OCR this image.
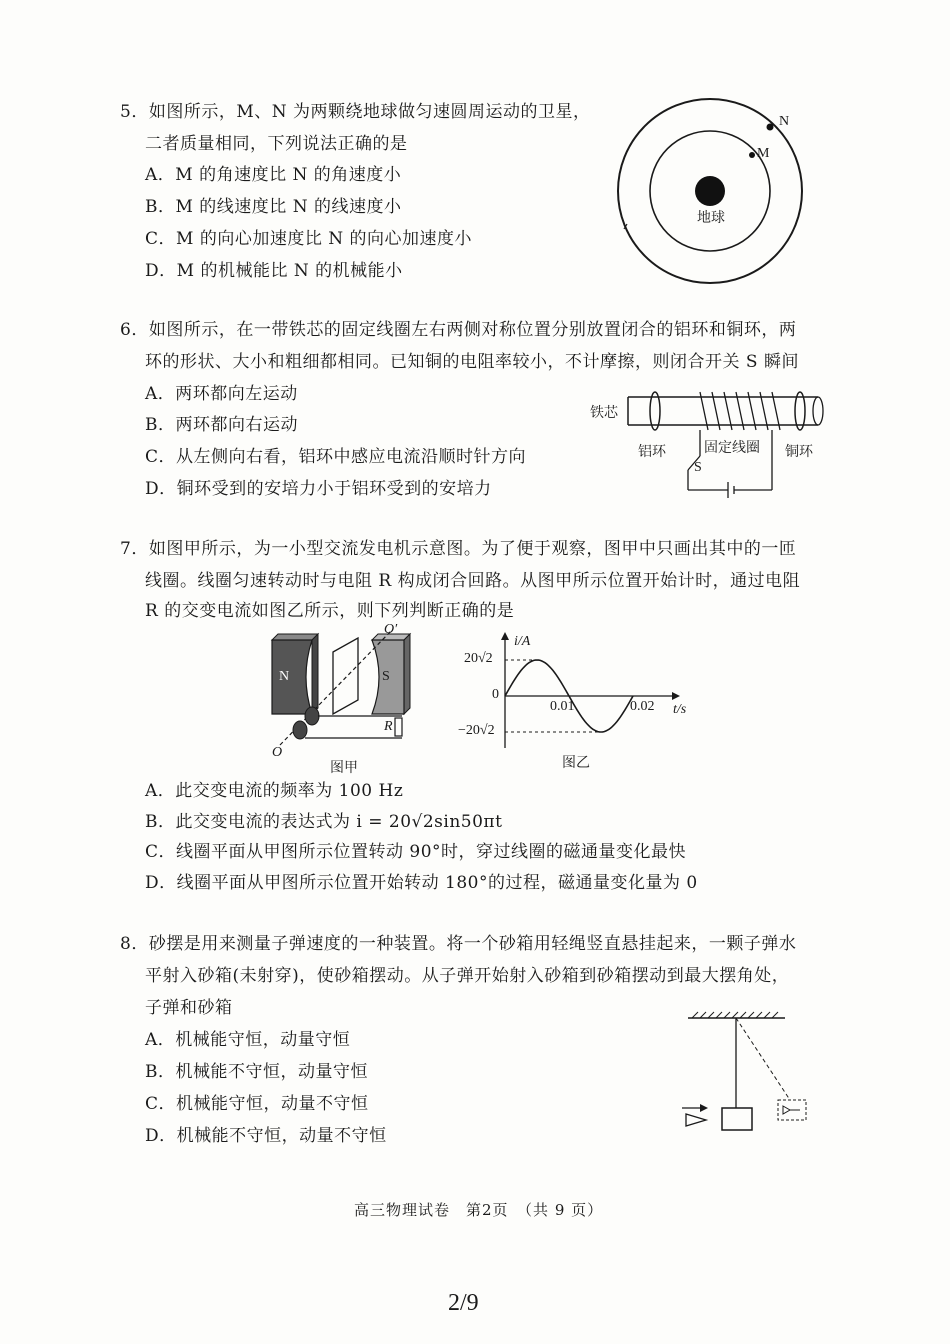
5．如图所示，M、N 为两颗绕地球做匀速圆周运动的卫星，
二者质量相同，下列说法正确的是
A．M 的角速度比 N 的角速度小
B．M 的线速度比 N 的线速度小
C．M 的向心加速度比 N 的向心加速度小
D．M 的机械能比 N 的机械能小
地球
M
N
6．如图所示，在一带铁芯的固定线圈左右两侧对称位置分别放置闭合的铝环和铜环，两
环的形状、大小和粗细都相同。已知铜的电阻率较小，不计摩擦，则闭合开关 S 瞬间
A．两环都向左运动
B．两环都向右运动
C．从左侧向右看，铝环中感应电流沿顺时针方向
D．铜环受到的安培力小于铝环受到的安培力
铁芯
铝环	固定线圈 铜环
S
7．如图甲所示，为一小型交流发电机示意图。为了便于观察，图甲中只画出其中的一匝
线圈。线圈匀速转动时与电阻 R 构成闭合回路。从图甲所示位置开始计时，通过电阻
R 的交变电流如图乙所示，则下列判断正确的是
N	S
O
O′
R
图甲
i/A
t/s
20√2
0
−20√2
0.01	0.02
图乙
A．此交变电流的频率为 100 Hz
B．此交变电流的表达式为 i = 20√2sin50πt
C．线圈平面从甲图所示位置转动 90°时，穿过线圈的磁通量变化最快
D．线圈平面从甲图所示位置开始转动 180°的过程，磁通量变化量为 0
8．砂摆是用来测量子弹速度的一种装置。将一个砂箱用轻绳竖直悬挂起来，一颗子弹水
平射入砂箱(未射穿)，使砂箱摆动。从子弹开始射入砂箱到砂箱摆动到最大摆角处，
子弹和砂箱
A．机械能守恒，动量守恒
B．机械能不守恒，动量守恒
C．机械能守恒，动量不守恒
D．机械能不守恒，动量不守恒
高三物理试卷　第2页　（共 9 页）
2/9
